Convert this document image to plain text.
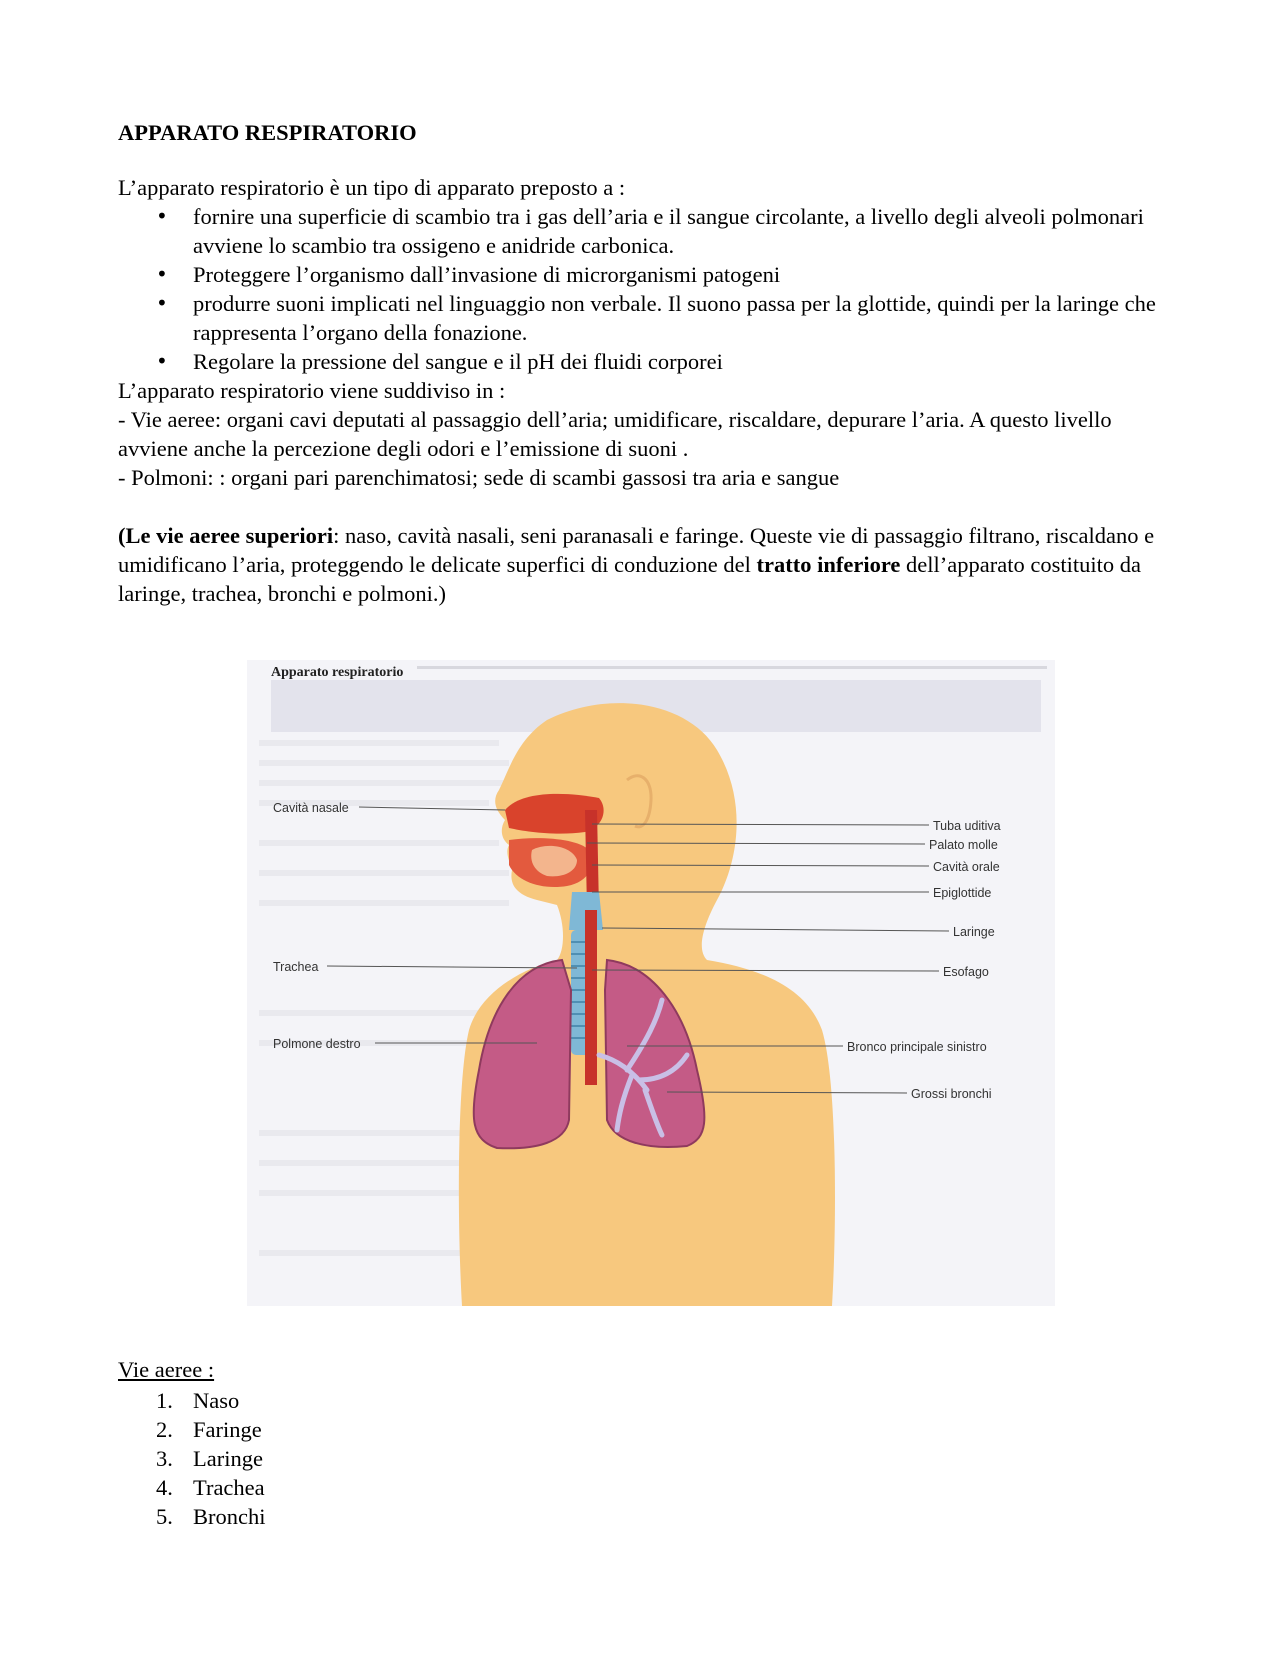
APPARATO RESPIRATORIO

L’apparato respiratorio è un tipo di apparato preposto a :

• fornire una superficie di scambio tra i gas dell’aria e il sangue circolante, a livello degli alveoli polmonari avviene lo scambio tra ossigeno e anidride carbonica.
• Proteggere l’organismo dall’invasione di microrganismi patogeni
• produrre suoni implicati nel linguaggio non verbale. Il suono passa per la glottide, quindi per la laringe che rappresenta l’organo della fonazione.
• Regolare la pressione del sangue e il pH dei fluidi corporei

L’apparato respiratorio viene suddiviso in :

- Vie aeree: organi cavi deputati al passaggio dell’aria; umidificare, riscaldare, depurare l’aria. A questo livello avviene anche la percezione degli odori e l’emissione di suoni .

- Polmoni: : organi pari parenchimatosi; sede di scambi gassosi tra aria e sangue

(Le vie aeree superiori: naso, cavità nasali, seni paranasali e faringe. Queste vie di passaggio filtrano, riscaldano e umidificano l’aria, proteggendo le delicate superfici di conduzione del tratto inferiore dell’apparato costituito da laringe, trachea, bronchi e polmoni.)

Apparato respiratorio
Cavità nasale
Trachea
Polmone destro
Tuba uditiva
Palato molle
Cavità orale
Epiglottide
Laringe
Esofago
Bronco principale sinistro
Grossi bronchi
Vie aeree :
1. Naso
2. Faringe
3. Laringe
4. Trachea
5. Bronchi
